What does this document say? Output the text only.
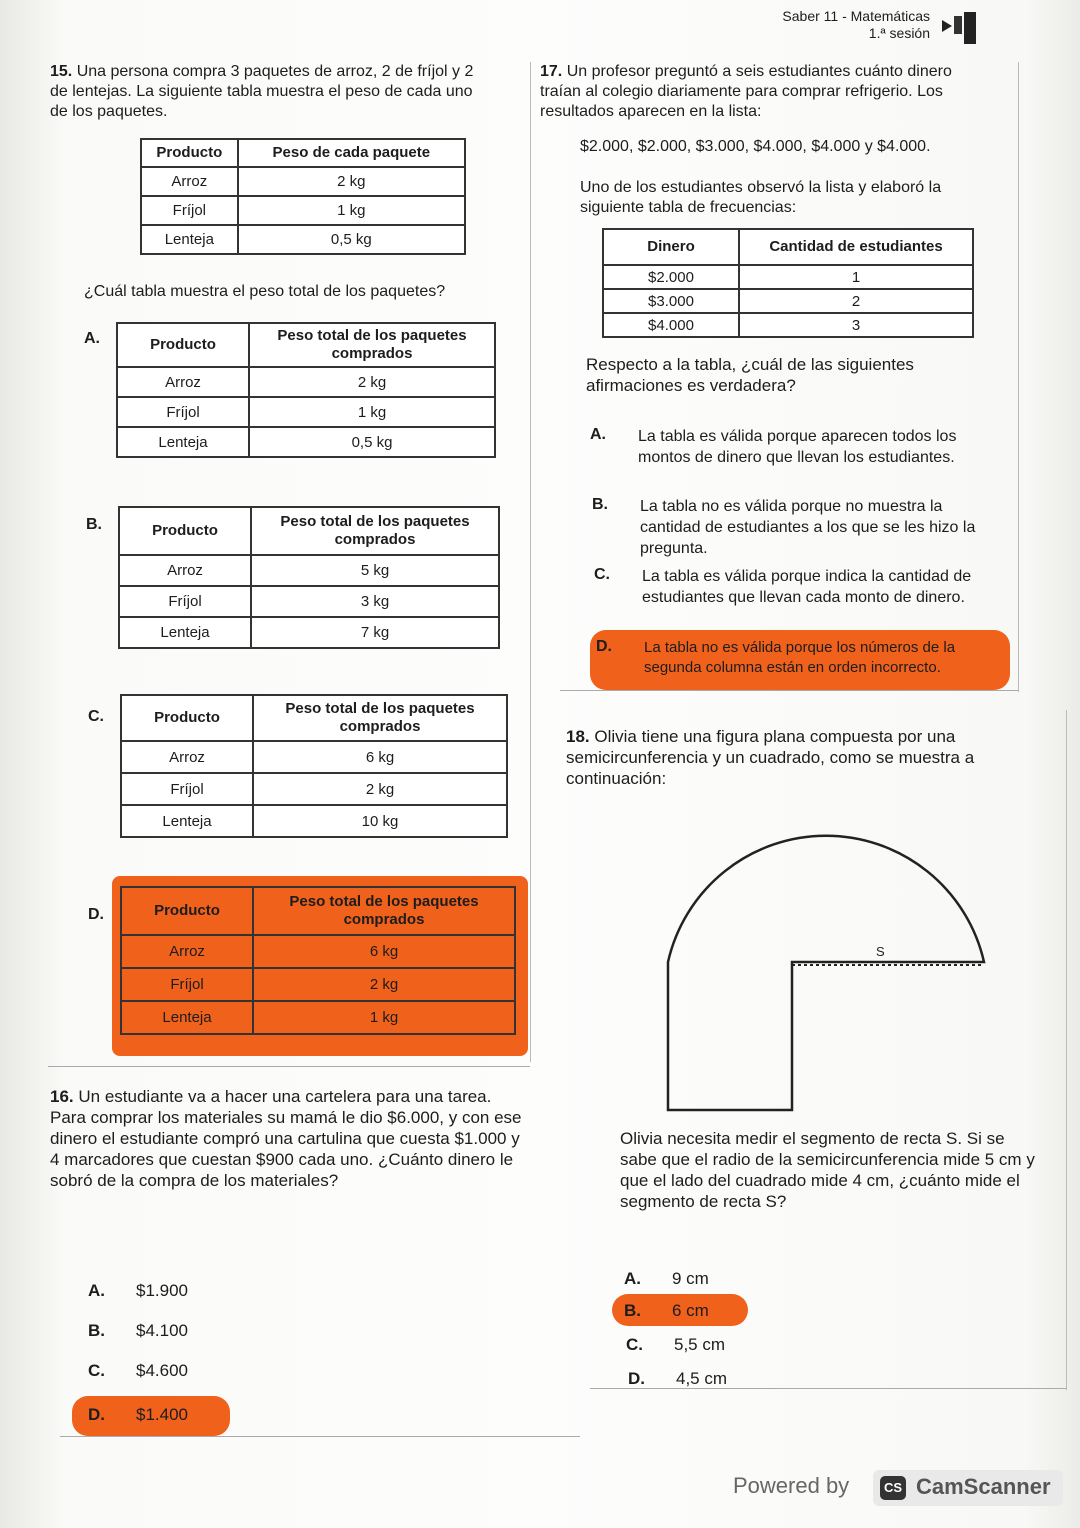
Saber 11 - Matemáticas
1.ª sesión
15. Una persona compra 3 paquetes de arroz, 2 de fríjol y 2 de lentejas. La siguiente tabla muestra el peso de cada uno de los paquetes.
Producto	Peso de cada paquete
Arroz	2 kg
Fríjol	1 kg
Lenteja	0,5 kg
¿Cuál tabla muestra el peso total de los paquetes?
A.	Producto	Peso total de los paquetes comprados
Arroz	2 kg
Fríjol	1 kg
Lenteja	0,5 kg
B.	Producto	Peso total de los paquetes comprados
Arroz	5 kg
Fríjol	3 kg
Lenteja	7 kg
C.	Producto	Peso total de los paquetes comprados
Arroz	6 kg
Fríjol	2 kg
Lenteja	10 kg
D.	Producto	Peso total de los paquetes comprados
Arroz	6 kg
Fríjol	2 kg
Lenteja	1 kg
16. Un estudiante va a hacer una cartelera para una tarea. Para comprar los materiales su mamá le dio $6.000, y con ese dinero el estudiante compró una cartulina que cuesta $1.000 y 4 marcadores que cuestan $900 cada uno. ¿Cuánto dinero le sobró de la compra de los materiales?
A. $1.900
B. $4.100
C. $4.600
D. $1.400
17. Un profesor preguntó a seis estudiantes cuánto dinero traían al colegio diariamente para comprar refrigerio. Los resultados aparecen en la lista:
$2.000, $2.000, $3.000, $4.000, $4.000 y $4.000.
Uno de los estudiantes observó la lista y elaboró la siguiente tabla de frecuencias:
Dinero	Cantidad de estudiantes
$2.000	1
$3.000	2
$4.000	3
Respecto a la tabla, ¿cuál de las siguientes afirmaciones es verdadera?
A. La tabla es válida porque aparecen todos los montos de dinero que llevan los estudiantes.
B. La tabla no es válida porque no muestra la cantidad de estudiantes a los que se les hizo la pregunta.
C. La tabla es válida porque indica la cantidad de estudiantes que llevan cada monto de dinero.
D. La tabla no es válida porque los números de la segunda columna están en orden incorrecto.
18. Olivia tiene una figura plana compuesta por una semicircunferencia y un cuadrado, como se muestra a continuación:
S
Olivia necesita medir el segmento de recta S. Si se sabe que el radio de la semicircunferencia mide 5 cm y que el lado del cuadrado mide 4 cm, ¿cuánto mide el segmento de recta S?
A. 9 cm
B. 6 cm
C. 5,5 cm
D. 4,5 cm
Powered by	CS CamScanner
